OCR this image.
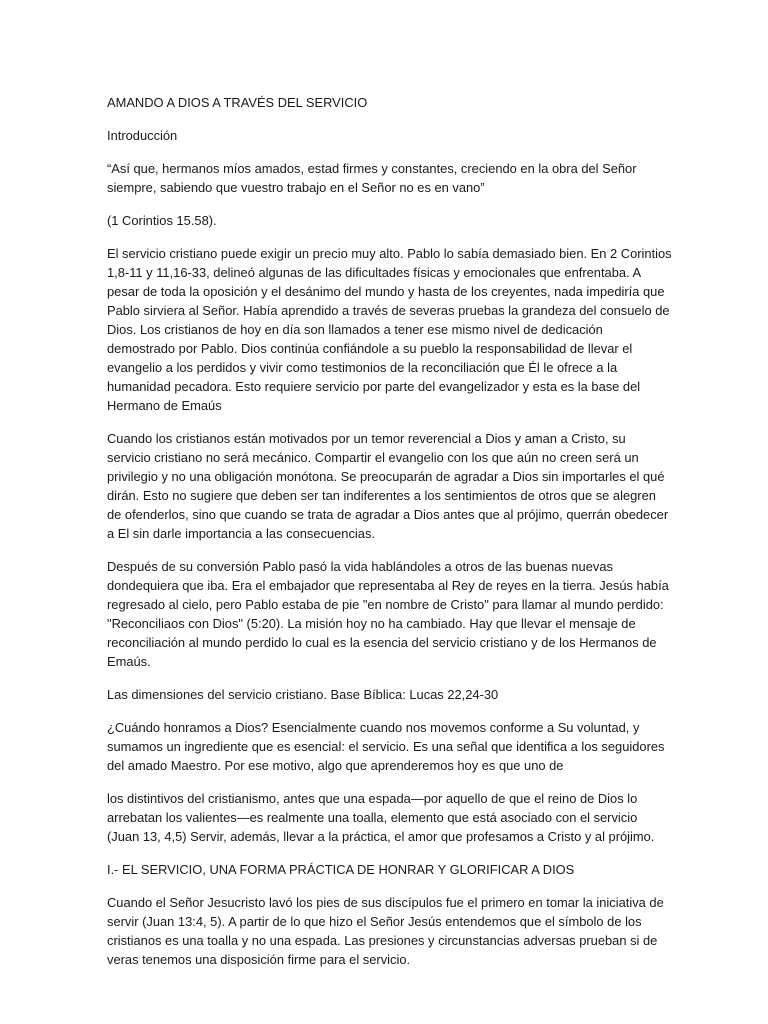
AMANDO A DIOS A TRAVÉS DEL SERVICIO

Introducción

“Así que, hermanos míos amados, estad firmes y constantes, creciendo en la obra del Señor siempre, sabiendo que vuestro trabajo en el Señor no es en vano”

(1 Corintios 15.58).

El servicio cristiano puede exigir un precio muy alto. Pablo lo sabía demasiado bien. En 2 Corintios 1,8-11 y 11,16-33, delineó algunas de las dificultades físicas y emocionales que enfrentaba. A pesar de toda la oposición y el desánimo del mundo y hasta de los creyentes, nada impediría que Pablo sirviera al Señor. Había aprendido a través de severas pruebas la grandeza del consuelo de Dios. Los cristianos de hoy en día son llamados a tener ese mismo nivel de dedicación demostrado por Pablo. Dios continúa confiándole a su pueblo la responsabilidad de llevar el evangelio a los perdidos y vivir como testimonios de la reconciliación que Él le ofrece a la humanidad pecadora. Esto requiere servicio por parte del evangelizador y esta es la base del Hermano de Emaús

Cuando los cristianos están motivados por un temor reverencial a Dios y aman a Cristo, su servicio cristiano no será mecánico. Compartir el evangelio con los que aún no creen será un privilegio y no una obligación monótona. Se preocuparán de agradar a Dios sin importarles el qué dirán. Esto no sugiere que deben ser tan indiferentes a los sentimientos de otros que se alegren de ofenderlos, sino que cuando se trata de agradar a Dios antes que al prójimo, querrán obedecer a El sin darle importancia a las consecuencias.

Después de su conversión Pablo pasó la vida hablándoles a otros de las buenas nuevas dondequiera que iba. Era el embajador que representaba al Rey de reyes en la tierra. Jesús había regresado al cielo, pero Pablo estaba de pie "en nombre de Cristo" para llamar al mundo perdido: "Reconciliaos con Dios" (5:20). La misión hoy no ha cambiado. Hay que llevar el mensaje de reconciliación al mundo perdido lo cual es la esencia del servicio cristiano y de los Hermanos de Emaús.

Las dimensiones del servicio cristiano. Base Bíblica: Lucas 22,24-30

¿Cuándo honramos a Dios? Esencialmente cuando nos movemos conforme a Su voluntad, y sumamos un ingrediente que es esencial: el servicio. Es una señal que identifica a los seguidores del amado Maestro. Por ese motivo, algo que aprenderemos hoy es que uno de

los distintivos del cristianismo, antes que una espada—por aquello de que el reino de Dios lo arrebatan los valientes—es realmente una toalla, elemento que está asociado con el servicio (Juan 13, 4,5) Servir, además, llevar a la práctica, el amor que profesamos a Cristo y al prójimo.

I.- EL SERVICIO, UNA FORMA PRÁCTICA DE HONRAR Y GLORIFICAR A DIOS

Cuando el Señor Jesucristo lavó los pies de sus discípulos fue el primero en tomar la iniciativa de servir (Juan 13:4, 5). A partir de lo que hizo el Señor Jesús entendemos que el símbolo de los cristianos es una toalla y no una espada. Las presiones y circunstancias adversas prueban si de veras tenemos una disposición firme para el servicio.
